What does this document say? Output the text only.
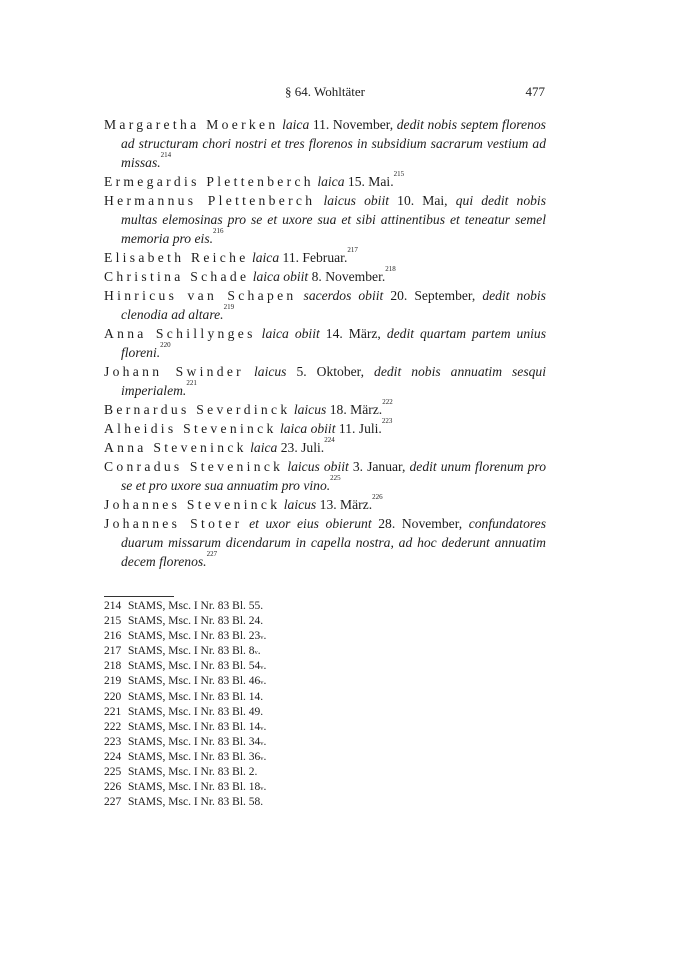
§ 64. Wohltäter	477
Margaretha Moerken laica 11. November, dedit nobis septem florenos ad structuram chori nostri et tres florenos in subsidium sacrarum vestium ad missas.$^{214}$
Ermegardis Plettenberch laica 15. Mai.$^{215}$
Hermannus Plettenberch laicus obiit 10. Mai, qui dedit nobis multas elemosinas pro se et uxore sua et sibi attinentibus et teneatur semel memoria pro eis.$^{216}$
Elisabeth Reiche laica 11. Februar.$^{217}$
Christina Schade laica obiit 8. November.$^{218}$
Hinricus van Schapen sacerdos obiit 20. September, dedit nobis clenodia ad altare.$^{219}$
Anna Schillynges laica obiit 14. März, dedit quartam partem unius floreni.$^{220}$
Johann Swinder laicus 5. Oktober, dedit nobis annuatim sesqui imperialem.$^{221}$
Bernardus Severdinck laicus 18. März.$^{222}$
Alheidis Steveninck laica obiit 11. Juli.$^{223}$
Anna Steveninck laica 23. Juli.$^{224}$
Conradus Steveninck laicus obiit 3. Januar, dedit unum florenum pro se et pro uxore sua annuatim pro vino.$^{225}$
Johannes Steveninck laicus 13. März.$^{226}$
Johannes Stoter et uxor eius obierunt 28. November, confundatores duarum missarum dicendarum in capella nostra, ad hoc dederunt annuatim decem florenos.$^{227}$
214 StAMS, Msc. I Nr. 83 Bl. 55.
215 StAMS, Msc. I Nr. 83 Bl. 24.
216 StAMS, Msc. I Nr. 83 Bl. 23$^v$.
217 StAMS, Msc. I Nr. 83 Bl. 8$^v$.
218 StAMS, Msc. I Nr. 83 Bl. 54$^v$.
219 StAMS, Msc. I Nr. 83 Bl. 46$^v$.
220 StAMS, Msc. I Nr. 83 Bl. 14.
221 StAMS, Msc. I Nr. 83 Bl. 49.
222 StAMS, Msc. I Nr. 83 Bl. 14$^v$.
223 StAMS, Msc. I Nr. 83 Bl. 34$^v$.
224 StAMS, Msc. I Nr. 83 Bl. 36$^v$.
225 StAMS, Msc. I Nr. 83 Bl. 2.
226 StAMS, Msc. I Nr. 83 Bl. 18$^v$.
227 StAMS, Msc. I Nr. 83 Bl. 58.
